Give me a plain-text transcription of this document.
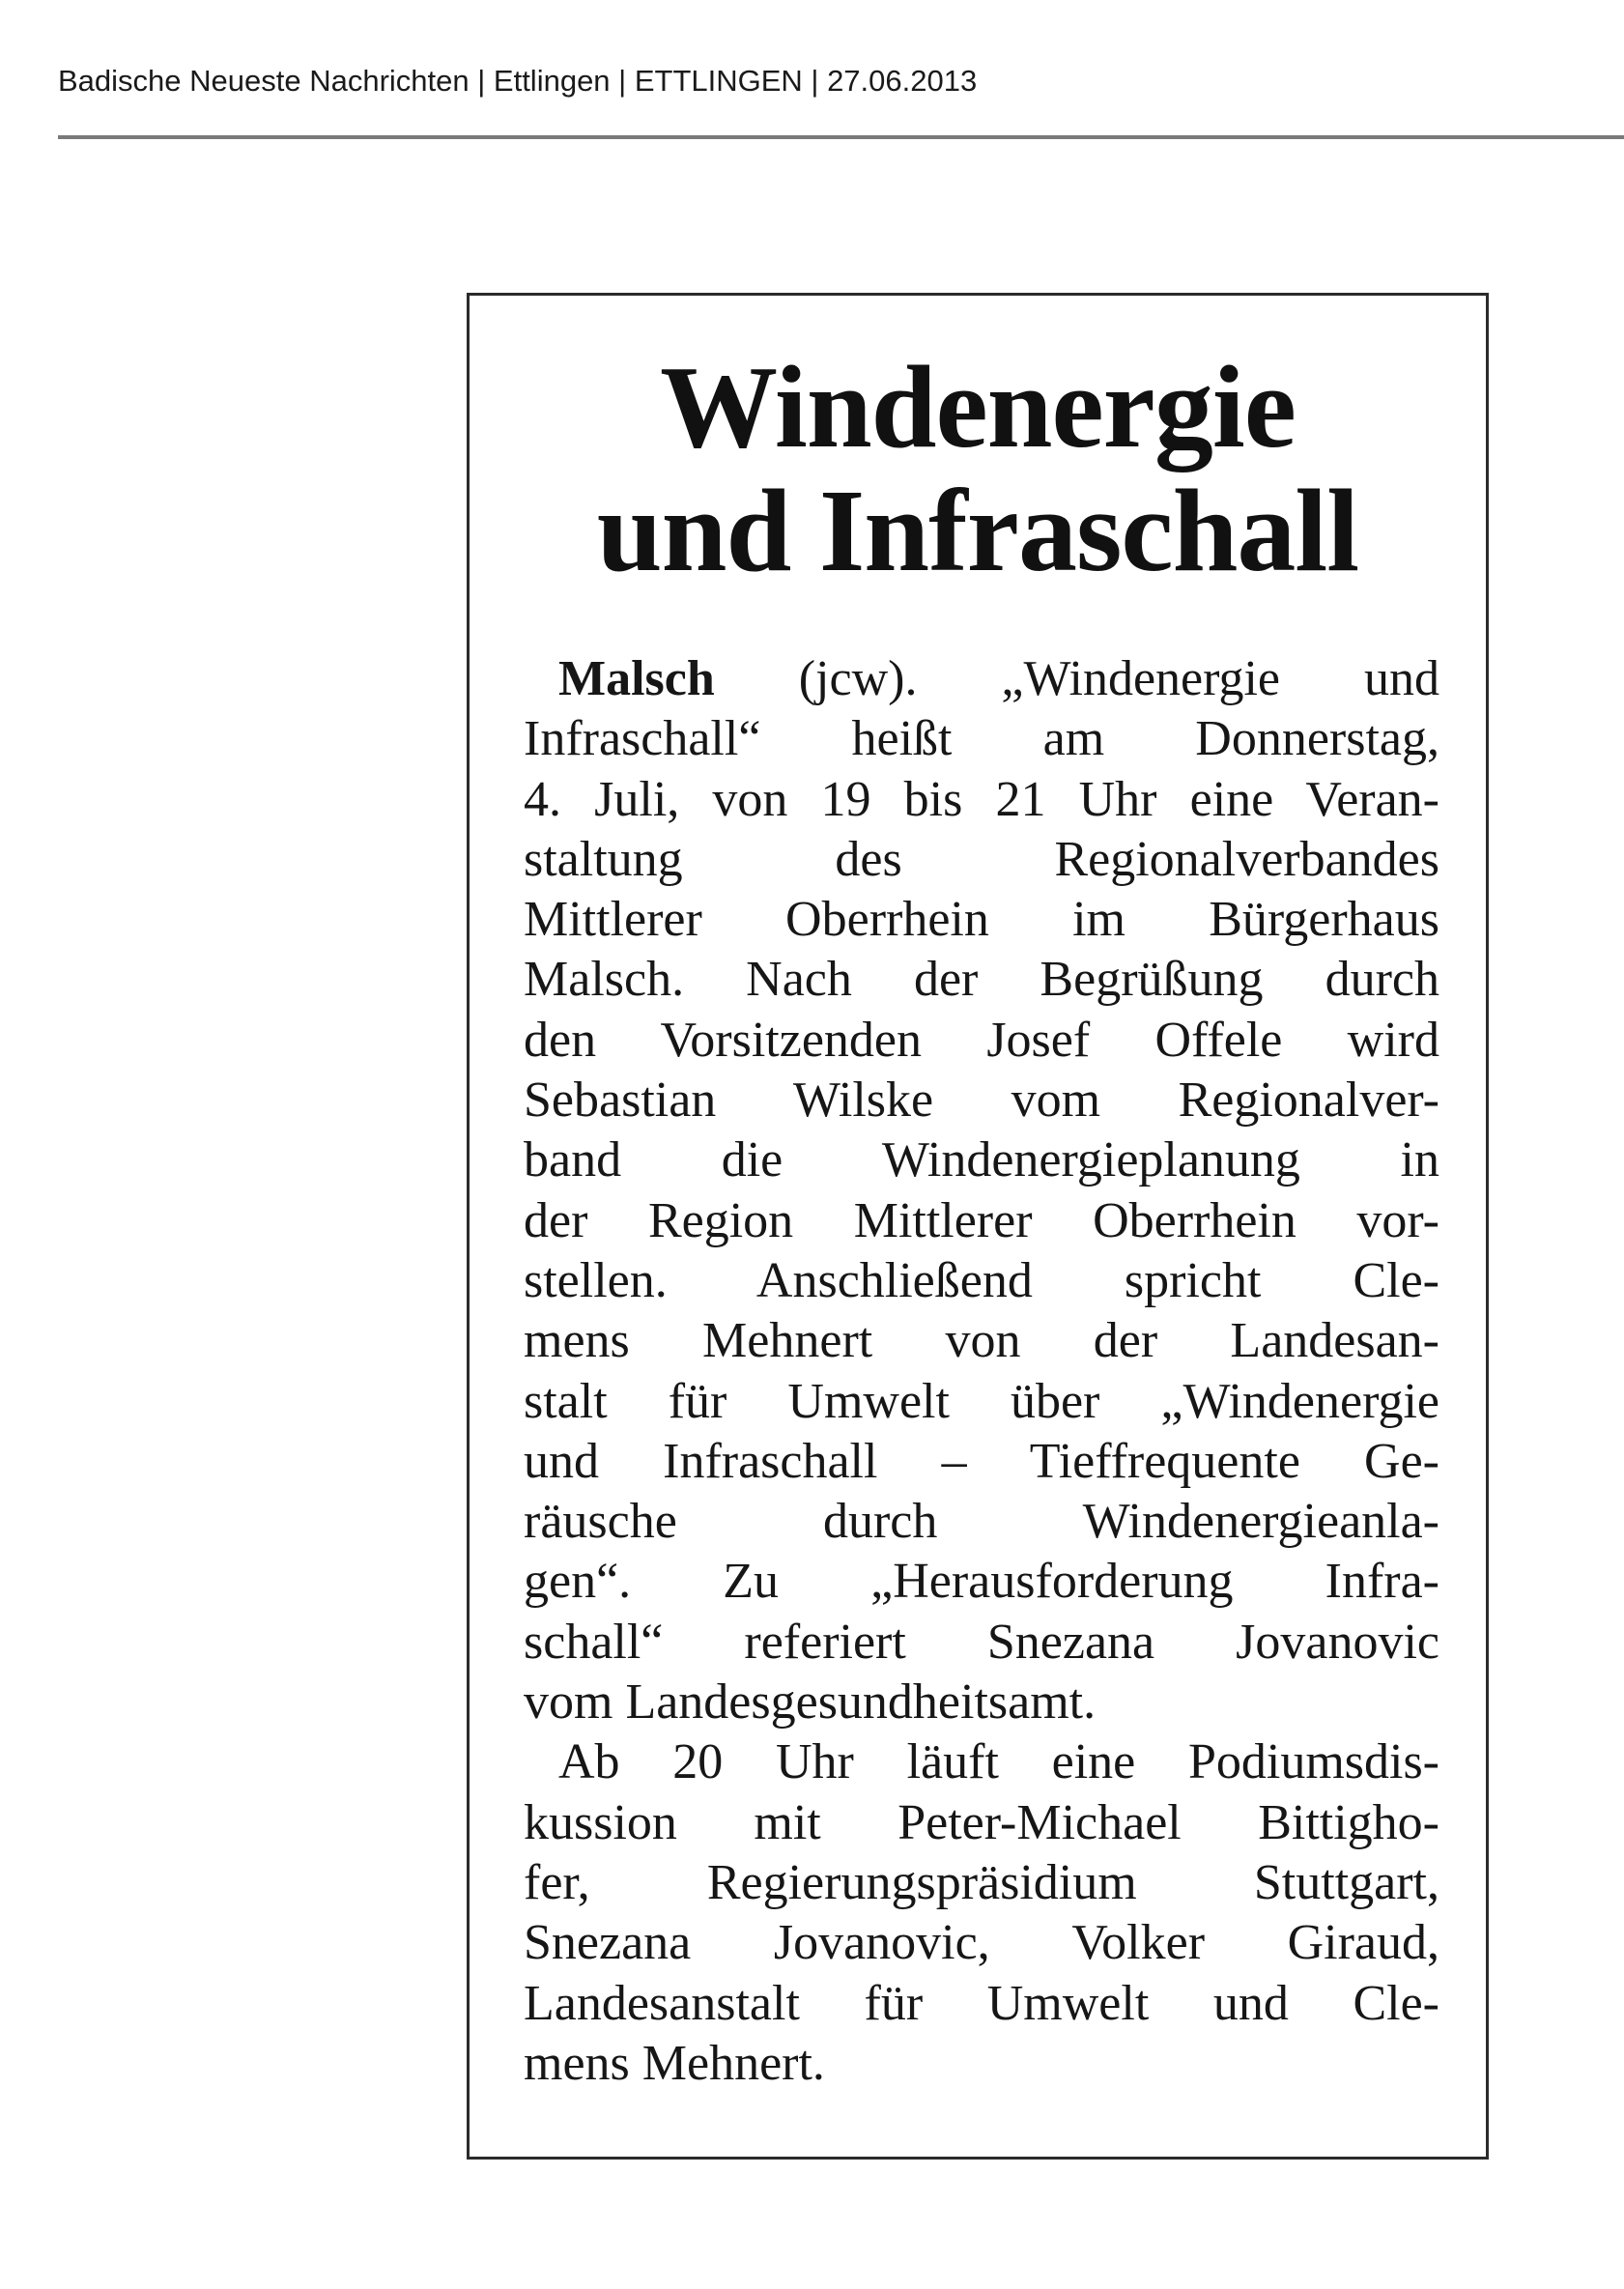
Badische Neueste Nachrichten | Ettlingen | ETTLINGEN | 27.06.2013
Windenergie
und Infraschall
Malsch (jcw). „Windenergie und
Infraschall“ heißt am Donnerstag,
4. Juli, von 19 bis 21 Uhr eine Veran-
staltung des Regionalverbandes
Mittlerer Oberrhein im Bürgerhaus
Malsch. Nach der Begrüßung durch
den Vorsitzenden Josef Offele wird
Sebastian Wilske vom Regionalver-
band die Windenergieplanung in
der Region Mittlerer Oberrhein vor-
stellen. Anschließend spricht Cle-
mens Mehnert von der Landesan-
stalt für Umwelt über „Windenergie
und Infraschall – Tieffrequente Ge-
räusche durch Windenergieanla-
gen“. Zu „Herausforderung Infra-
schall“ referiert Snezana Jovanovic
vom Landesgesundheitsamt.
Ab 20 Uhr läuft eine Podiumsdis-
kussion mit Peter-Michael Bittigho-
fer, Regierungspräsidium Stuttgart,
Snezana Jovanovic, Volker Giraud,
Landesanstalt für Umwelt und Cle-
mens Mehnert.
